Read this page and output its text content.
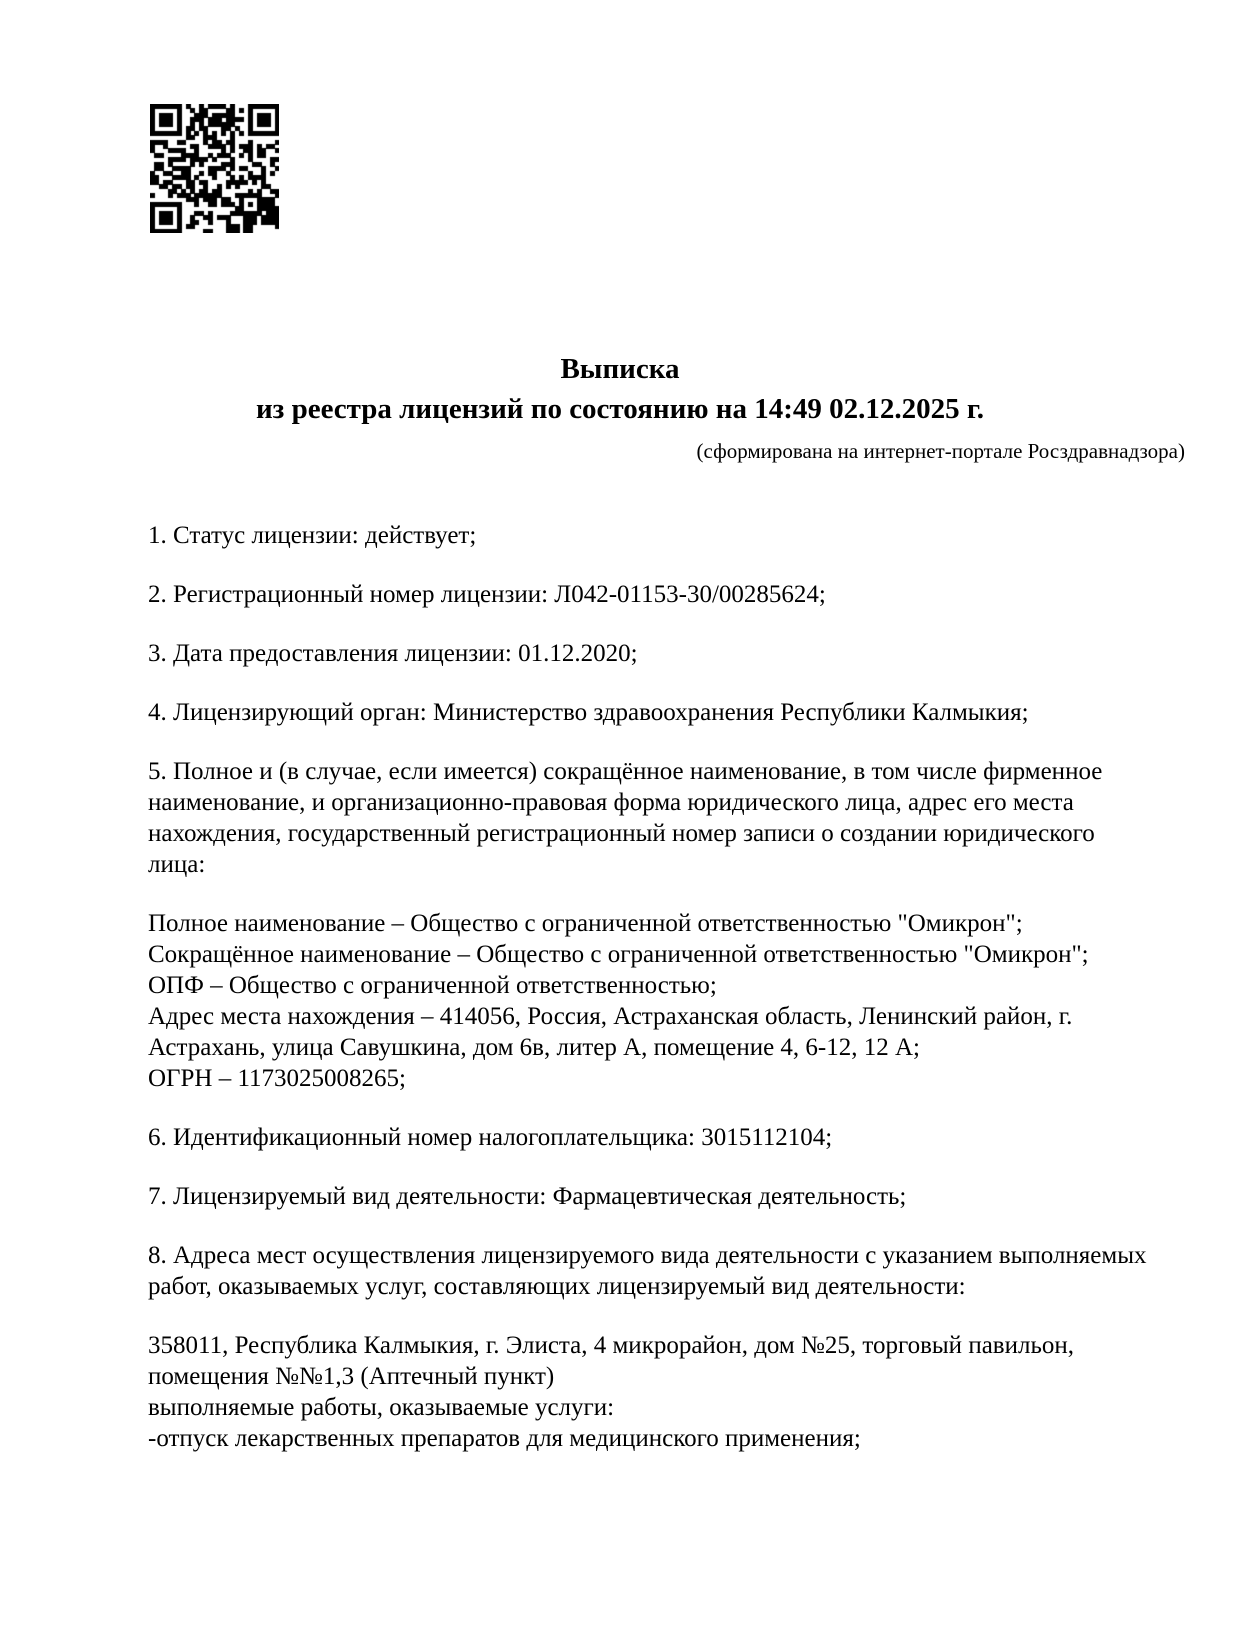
Выписка
из реестра лицензий по состоянию на 14:49 02.12.2025 г.
(сформирована на интернет-портале Росздравнадзора)

1. Статус лицензии: действует;

2. Регистрационный номер лицензии: Л042-01153-30/00285624;

3. Дата предоставления лицензии: 01.12.2020;

4. Лицензирующий орган: Министерство здравоохранения Республики Калмыкия;

5. Полное и (в случае, если имеется) сокращённое наименование, в том числе фирменное наименование, и организационно-правовая форма юридического лица, адрес его места нахождения, государственный регистрационный номер записи о создании юридического лица:

Полное наименование – Общество с ограниченной ответственностью "Омикрон";
Сокращённое наименование – Общество с ограниченной ответственностью "Омикрон";
ОПФ – Общество с ограниченной ответственностью;
Адрес места нахождения – 414056, Россия, Астраханская область, Ленинский район, г. Астрахань, улица Савушкина, дом 6в, литер А, помещение 4, 6-12, 12 А;
ОГРН – 1173025008265;

6. Идентификационный номер налогоплательщика: 3015112104;

7. Лицензируемый вид деятельности: Фармацевтическая деятельность;

8. Адреса мест осуществления лицензируемого вида деятельности с указанием выполняемых работ, оказываемых услуг, составляющих лицензируемый вид деятельности:

358011, Республика Калмыкия, г. Элиста, 4 микрорайон, дом №25, торговый павильон, помещения №№1,3 (Аптечный пункт)
выполняемые работы, оказываемые услуги:
-отпуск лекарственных препаратов для медицинского применения;
